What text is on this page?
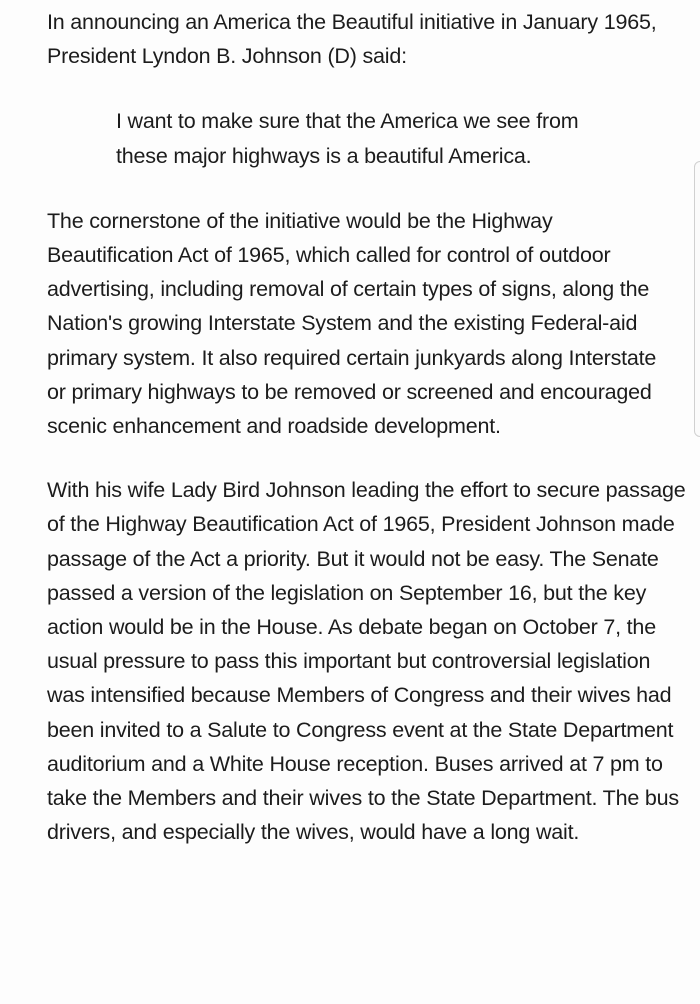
In announcing an America the Beautiful initiative in January 1965, President Lyndon B. Johnson (D) said:

I want to make sure that the America we see from these major highways is a beautiful America.

The cornerstone of the initiative would be the Highway Beautification Act of 1965, which called for control of outdoor advertising, including removal of certain types of signs, along the Nation's growing Interstate System and the existing Federal-aid primary system. It also required certain junkyards along Interstate or primary highways to be removed or screened and encouraged scenic enhancement and roadside development.

With his wife Lady Bird Johnson leading the effort to secure passage of the Highway Beautification Act of 1965, President Johnson made passage of the Act a priority. But it would not be easy. The Senate passed a version of the legislation on September 16, but the key action would be in the House. As debate began on October 7, the usual pressure to pass this important but controversial legislation was intensified because Members of Congress and their wives had been invited to a Salute to Congress event at the State Department auditorium and a White House reception. Buses arrived at 7 pm to take the Members and their wives to the State Department. The bus drivers, and especially the wives, would have a long wait.
